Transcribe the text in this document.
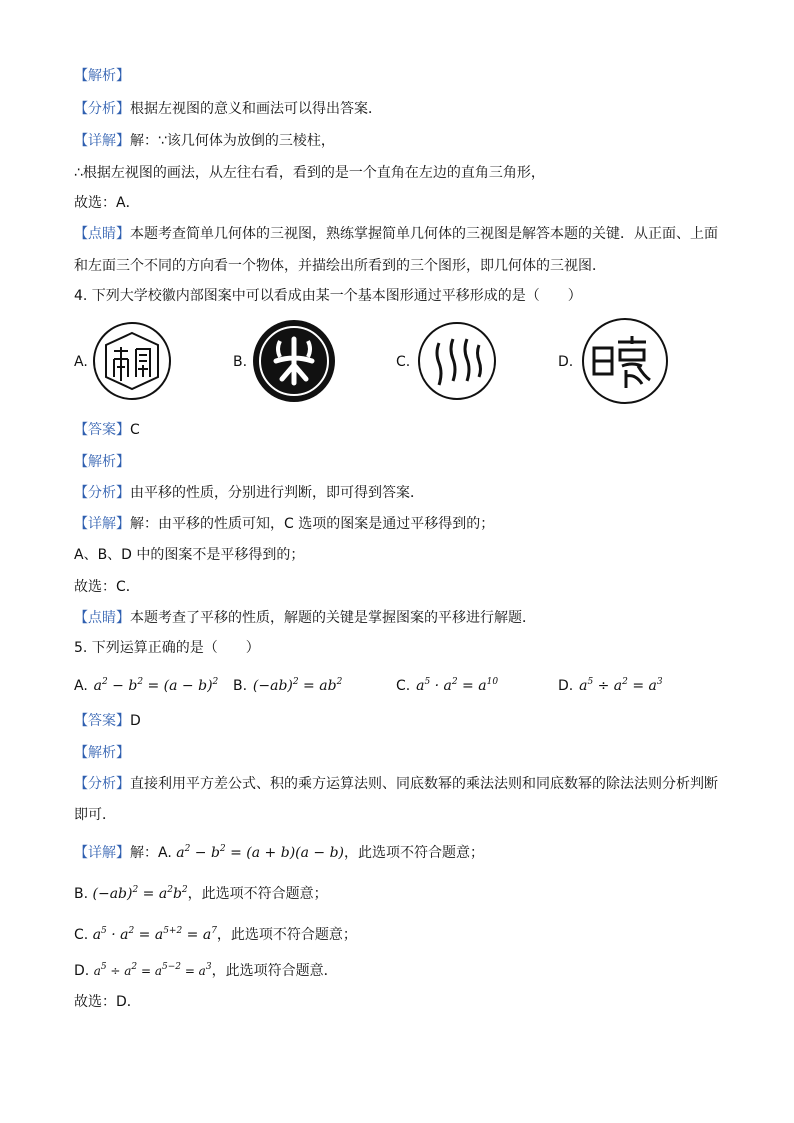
【解析】
【分析】根据左视图的意义和画法可以得出答案．
【详解】解：∵该几何体为放倒的三棱柱，
∴根据左视图的画法，从左往右看，看到的是一个直角在左边的直角三角形，
故选：A．
【点睛】本题考查简单几何体的三视图，熟练掌握简单几何体的三视图是解答本题的关键．从正面、上面
和左面三个不同的方向看一个物体，并描绘出所看到的三个图形，即几何体的三视图．
4. 下列大学校徽内部图案中可以看成由某一个基本图形通过平移形成的是（　　）
A.	B.	C.	D.
【答案】C
【解析】
【分析】由平移的性质，分别进行判断，即可得到答案．
【详解】解：由平移的性质可知，C 选项的图案是通过平移得到的；
A、B、D 中的图案不是平移得到的；
故选：C．
【点睛】本题考查了平移的性质，解题的关键是掌握图案的平移进行解题．
5. 下列运算正确的是（　　）
A.  $a^2 - b^2 = (a - b)^2$ B.  $(-ab)^2 = ab^2$	C.  $a^5 \cdot a^2 = a^{10}$	D.  $a^5 \div a^2 = a^3$
【答案】D
【解析】
【分析】直接利用平方差公式、积的乘方运算法则、同底数幂的乘法法则和同底数幂的除法法则分析判断
即可．
【详解】解：A. $a^2 - b^2 = (a + b)(a - b)$，此选项不符合题意；
B. $(-ab)^2 = a^2b^2$，此选项不符合题意；
C. $a^5 \cdot a^2 = a^{5+2} = a^7$，此选项不符合题意；
D. $a^5 \div a^2 = a^{5-2} = a^3$，此选项符合题意．
故选：D．
